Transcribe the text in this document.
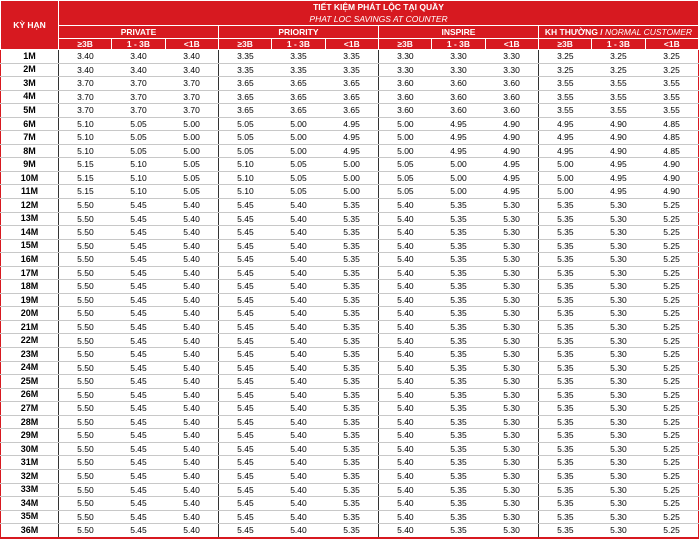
KỲ HẠN	TIẾT KIỆM PHÁT LỘC TẠI QUẦY
PHAT LOC SAVINGS AT COUNTER											

	PRIVATE			PRIORITY			INSPIRE			KH THƯỜNG / NORMAL CUSTOMER		
	≥3B	1 - 3B	<1B	≥3B	1 - 3B	<1B	≥3B	1 - 3B	<1B	≥3B	1 - 3B	<1B
1M	3.40	3.40	3.40	3.35	3.35	3.35	3.30	3.30	3.30	3.25	3.25	3.25
2M	3.40	3.40	3.40	3.35	3.35	3.35	3.30	3.30	3.30	3.25	3.25	3.25
3M	3.70	3.70	3.70	3.65	3.65	3.65	3.60	3.60	3.60	3.55	3.55	3.55
4M	3.70	3.70	3.70	3.65	3.65	3.65	3.60	3.60	3.60	3.55	3.55	3.55
5M	3.70	3.70	3.70	3.65	3.65	3.65	3.60	3.60	3.60	3.55	3.55	3.55
6M	5.10	5.05	5.00	5.05	5.00	4.95	5.00	4.95	4.90	4.95	4.90	4.85
7M	5.10	5.05	5.00	5.05	5.00	4.95	5.00	4.95	4.90	4.95	4.90	4.85
8M	5.10	5.05	5.00	5.05	5.00	4.95	5.00	4.95	4.90	4.95	4.90	4.85
9M	5.15	5.10	5.05	5.10	5.05	5.00	5.05	5.00	4.95	5.00	4.95	4.90
10M	5.15	5.10	5.05	5.10	5.05	5.00	5.05	5.00	4.95	5.00	4.95	4.90
11M	5.15	5.10	5.05	5.10	5.05	5.00	5.05	5.00	4.95	5.00	4.95	4.90
12M	5.50	5.45	5.40	5.45	5.40	5.35	5.40	5.35	5.30	5.35	5.30	5.25
13M	5.50	5.45	5.40	5.45	5.40	5.35	5.40	5.35	5.30	5.35	5.30	5.25
14M	5.50	5.45	5.40	5.45	5.40	5.35	5.40	5.35	5.30	5.35	5.30	5.25
15M	5.50	5.45	5.40	5.45	5.40	5.35	5.40	5.35	5.30	5.35	5.30	5.25
16M	5.50	5.45	5.40	5.45	5.40	5.35	5.40	5.35	5.30	5.35	5.30	5.25
17M	5.50	5.45	5.40	5.45	5.40	5.35	5.40	5.35	5.30	5.35	5.30	5.25
18M	5.50	5.45	5.40	5.45	5.40	5.35	5.40	5.35	5.30	5.35	5.30	5.25
19M	5.50	5.45	5.40	5.45	5.40	5.35	5.40	5.35	5.30	5.35	5.30	5.25
20M	5.50	5.45	5.40	5.45	5.40	5.35	5.40	5.35	5.30	5.35	5.30	5.25
21M	5.50	5.45	5.40	5.45	5.40	5.35	5.40	5.35	5.30	5.35	5.30	5.25
22M	5.50	5.45	5.40	5.45	5.40	5.35	5.40	5.35	5.30	5.35	5.30	5.25
23M	5.50	5.45	5.40	5.45	5.40	5.35	5.40	5.35	5.30	5.35	5.30	5.25
24M	5.50	5.45	5.40	5.45	5.40	5.35	5.40	5.35	5.30	5.35	5.30	5.25
25M	5.50	5.45	5.40	5.45	5.40	5.35	5.40	5.35	5.30	5.35	5.30	5.25
26M	5.50	5.45	5.40	5.45	5.40	5.35	5.40	5.35	5.30	5.35	5.30	5.25
27M	5.50	5.45	5.40	5.45	5.40	5.35	5.40	5.35	5.30	5.35	5.30	5.25
28M	5.50	5.45	5.40	5.45	5.40	5.35	5.40	5.35	5.30	5.35	5.30	5.25
29M	5.50	5.45	5.40	5.45	5.40	5.35	5.40	5.35	5.30	5.35	5.30	5.25
30M	5.50	5.45	5.40	5.45	5.40	5.35	5.40	5.35	5.30	5.35	5.30	5.25
31M	5.50	5.45	5.40	5.45	5.40	5.35	5.40	5.35	5.30	5.35	5.30	5.25
32M	5.50	5.45	5.40	5.45	5.40	5.35	5.40	5.35	5.30	5.35	5.30	5.25
33M	5.50	5.45	5.40	5.45	5.40	5.35	5.40	5.35	5.30	5.35	5.30	5.25
34M	5.50	5.45	5.40	5.45	5.40	5.35	5.40	5.35	5.30	5.35	5.30	5.25
35M	5.50	5.45	5.40	5.45	5.40	5.35	5.40	5.35	5.30	5.35	5.30	5.25
36M	5.50	5.45	5.40	5.45	5.40	5.35	5.40	5.35	5.30	5.35	5.30	5.25
